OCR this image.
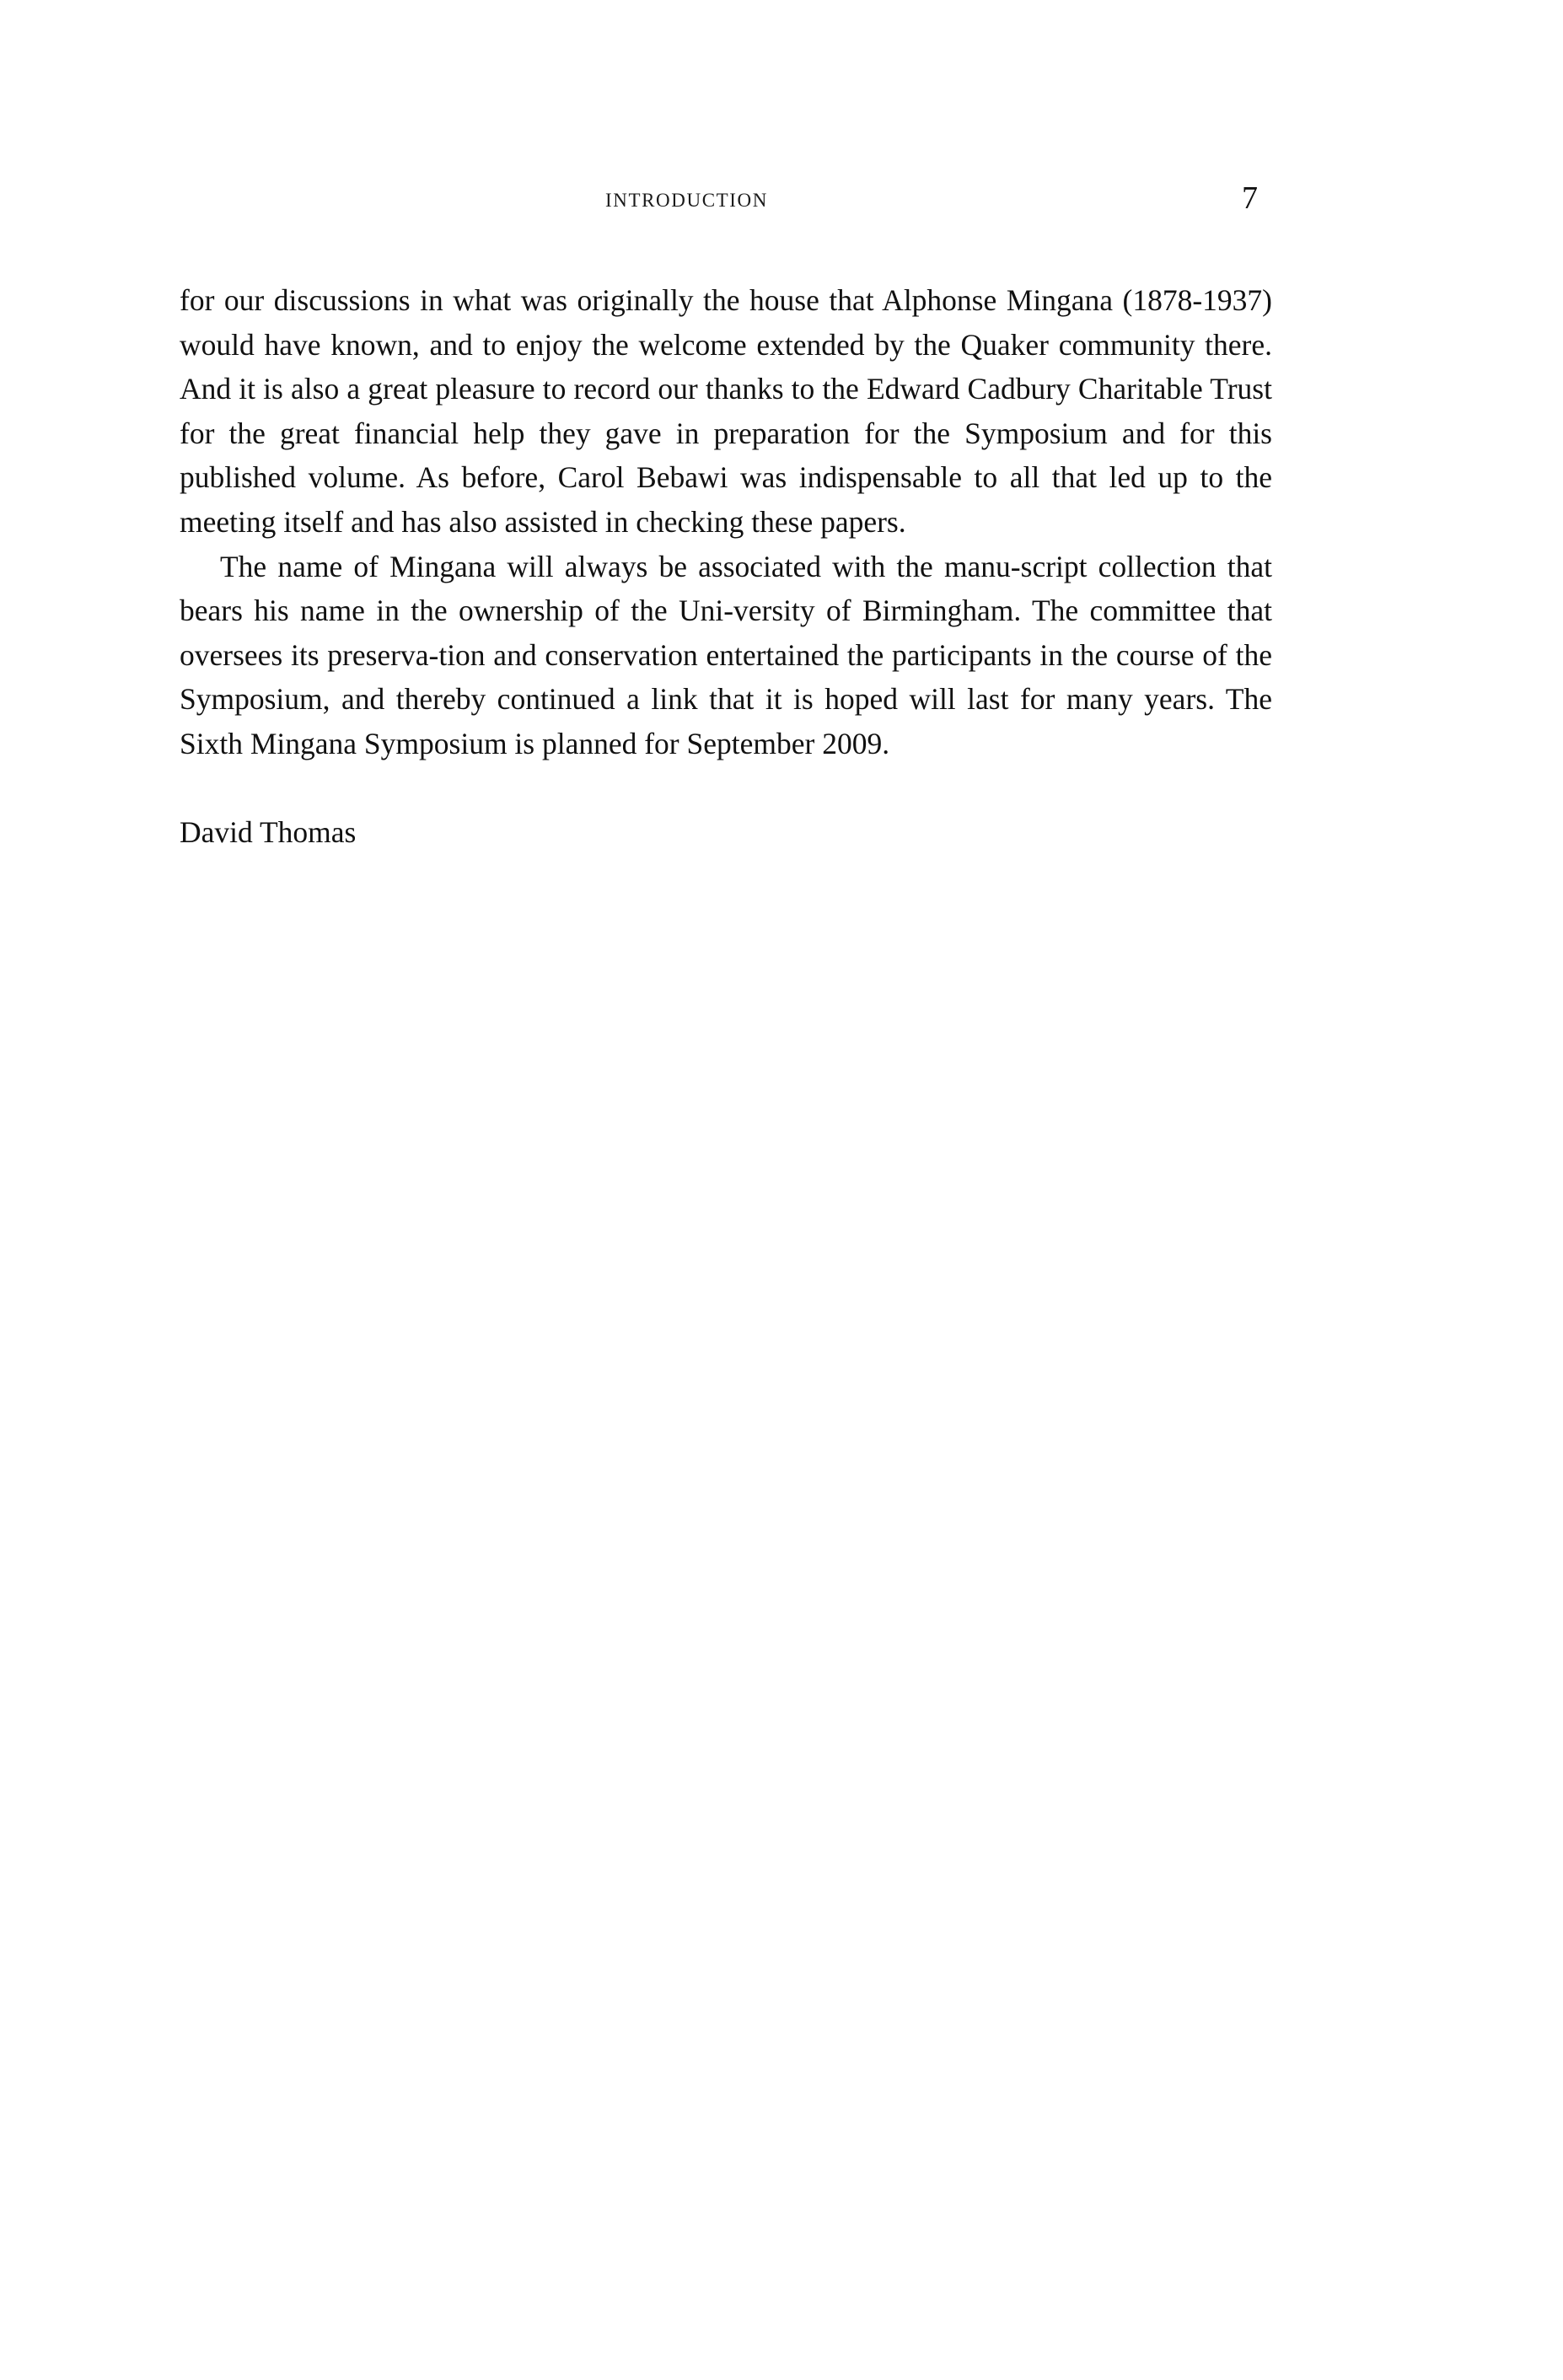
INTRODUCTION	7

for our discussions in what was originally the house that Alphonse Mingana (1878-1937) would have known, and to enjoy the welcome extended by the Quaker community there. And it is also a great pleasure to record our thanks to the Edward Cadbury Charitable Trust for the great financial help they gave in preparation for the Symposium and for this published volume. As before, Carol Bebawi was indispensable to all that led up to the meeting itself and has also assisted in checking these papers.

The name of Mingana will always be associated with the manu‐script collection that bears his name in the ownership of the Uni‐versity of Birmingham. The committee that oversees its preserva‐tion and conservation entertained the participants in the course of the Symposium, and thereby continued a link that it is hoped will last for many years. The Sixth Mingana Symposium is planned for September 2009.

David Thomas
